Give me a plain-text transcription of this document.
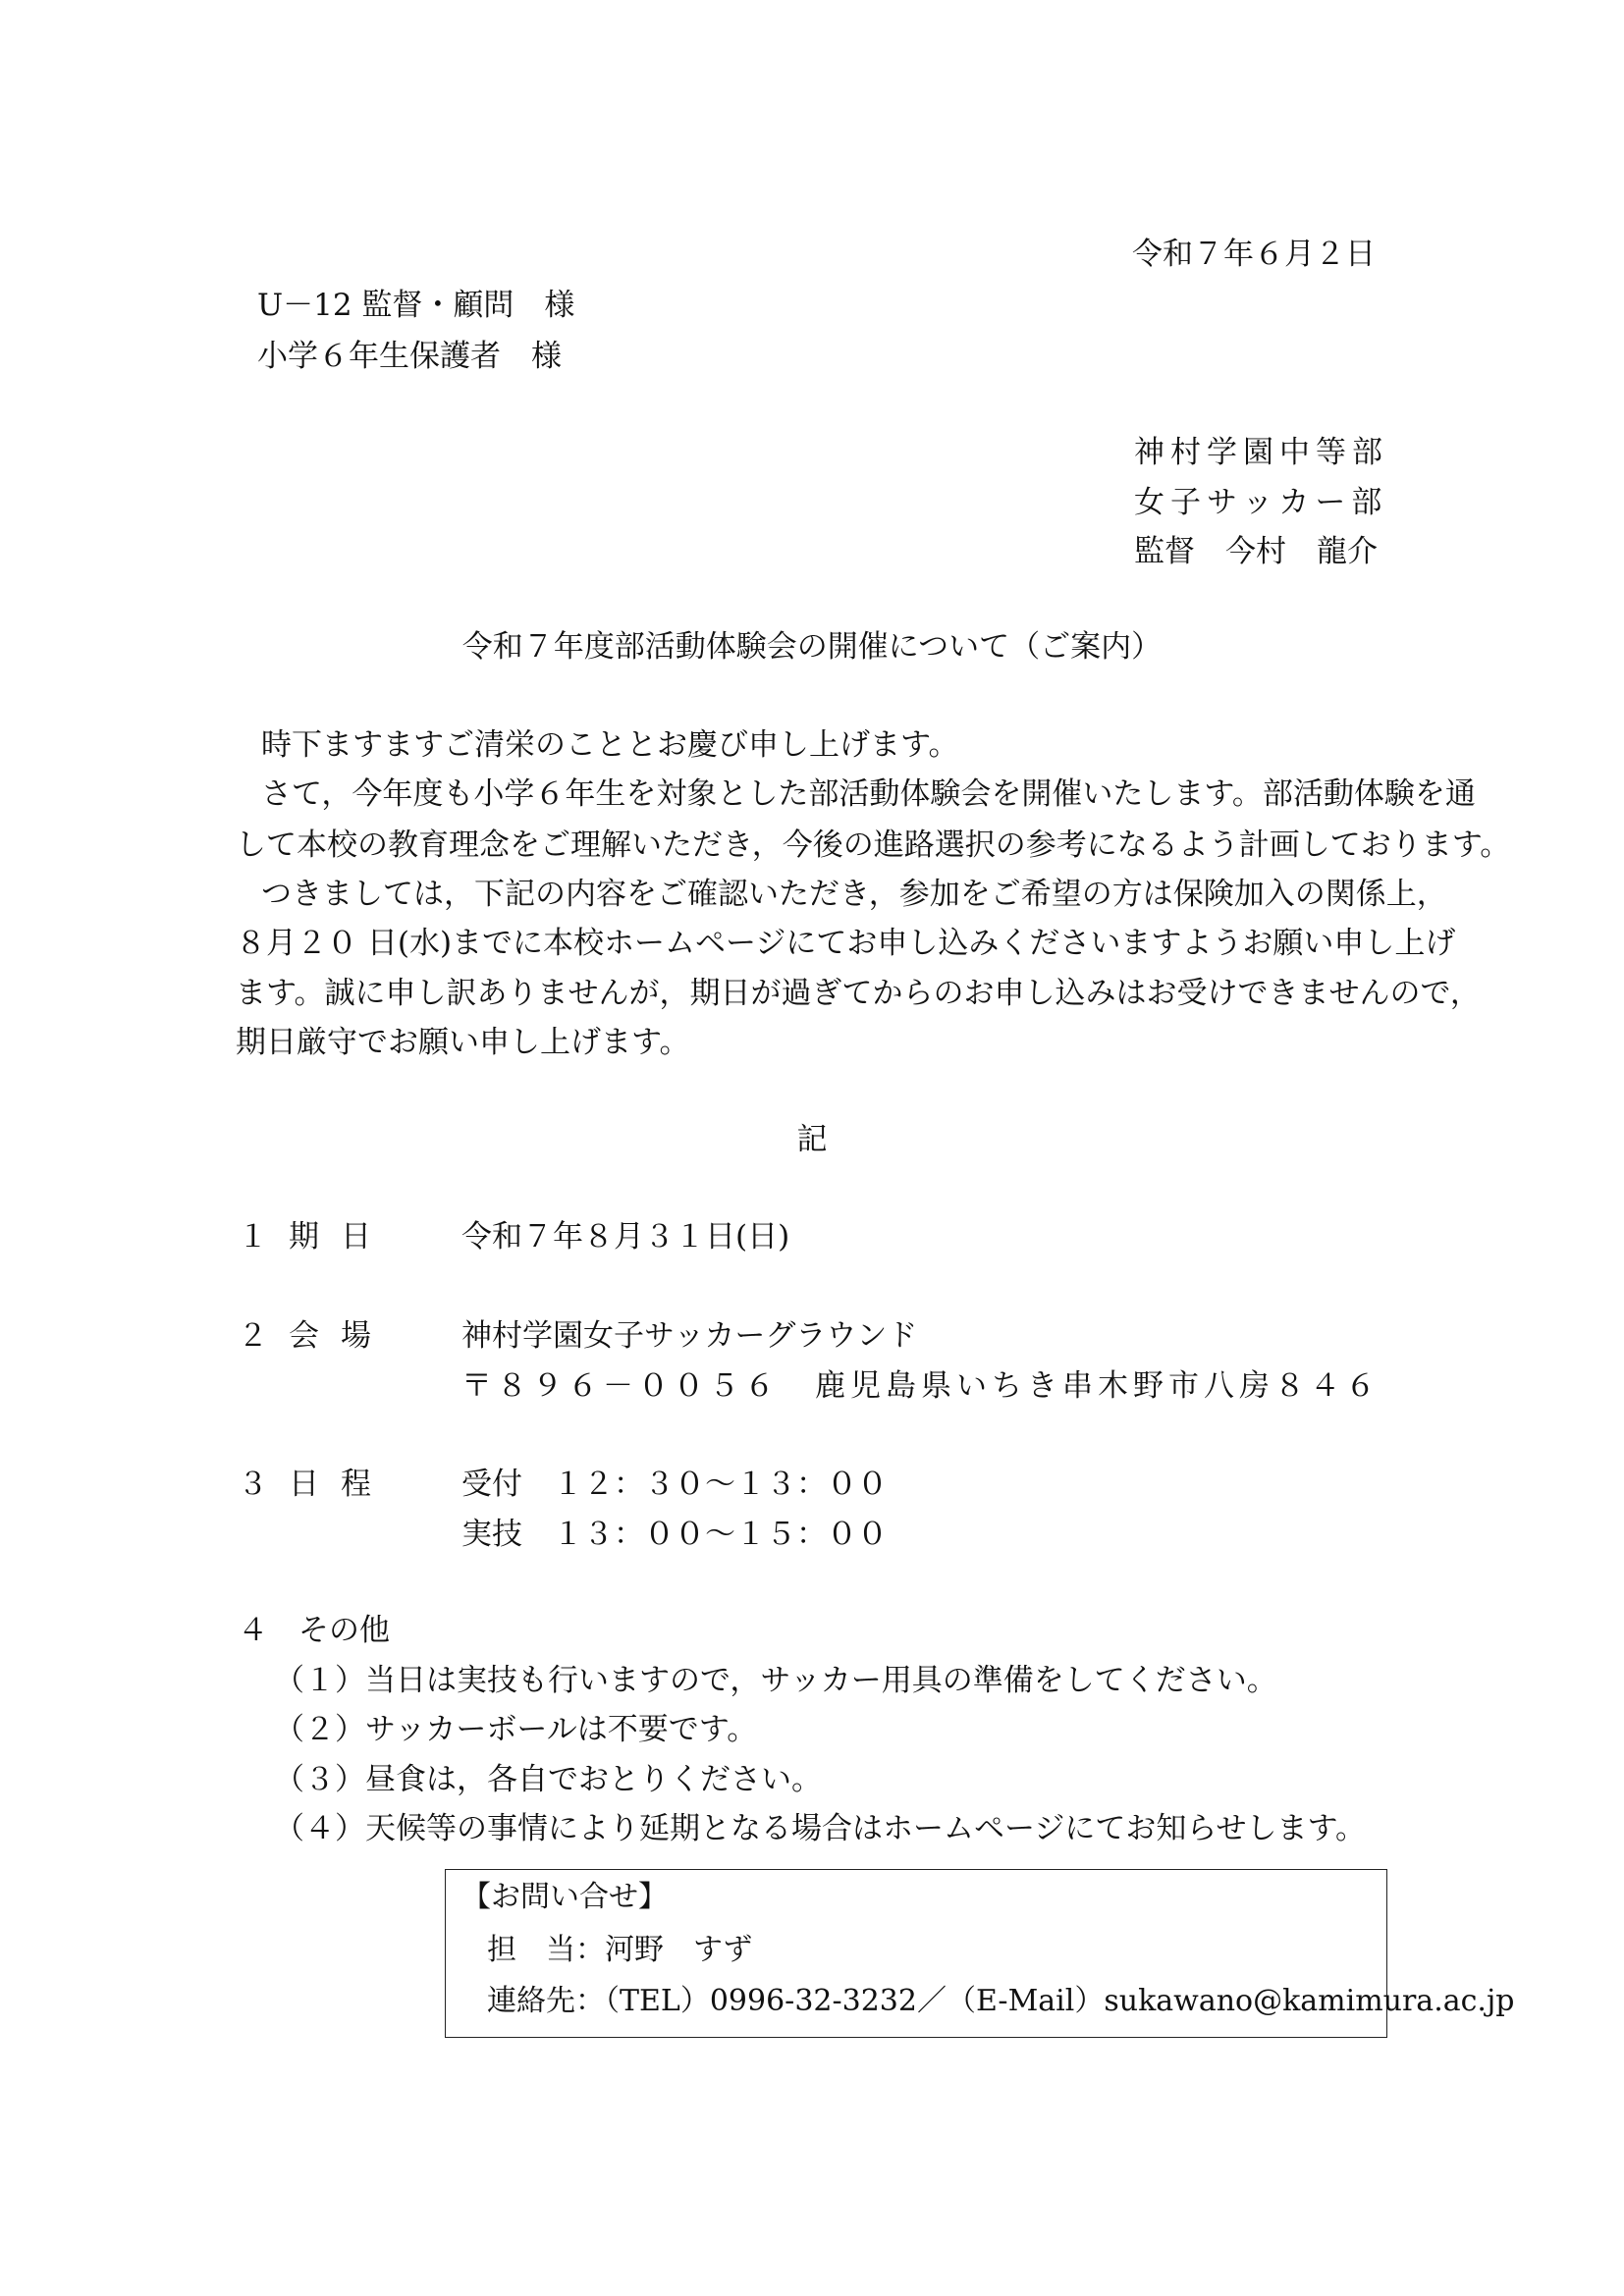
令和７年６月２日
U－12 監督・顧問　様
小学６年生保護者　様
神村学園中等部
女子サッカー部
監督　今村　龍介
令和７年度部活動体験会の開催について（ご案内）
時下ますますご清栄のこととお慶び申し上げます。
さて，今年度も小学６年生を対象とした部活動体験会を開催いたします。部活動体験を通
して本校の教育理念をご理解いただき，今後の進路選択の参考になるよう計画しております。
つきましては，下記の内容をご確認いただき，参加をご希望の方は保険加入の関係上，
８月２０ 日(水)までに本校ホームページにてお申し込みくださいますようお願い申し上げ
ます。誠に申し訳ありませんが，期日が過ぎてからのお申し込みはお受けできませんので，
期日厳守でお願い申し上げます。
記
１ 期日 令和７年８月３１日(日)
２ 会場 神村学園女子サッカーグラウンド
〒８９６－００５６　鹿児島県いちき串木野市八房８４６
３ 日程 受付　１２：３０～１３：００
実技　１３：００～１５：００
４　その他
（１）当日は実技も行いますので，サッカー用具の準備をしてください。
（２）サッカーボールは不要です。
（３）昼食は，各自でおとりください。
（４）天候等の事情により延期となる場合はホームページにてお知らせします。
【お問い合せ】
担　当：河野　すず
連絡先：（TEL）0996-32-3232／（E-Mail）sukawano@kamimura.ac.jp
